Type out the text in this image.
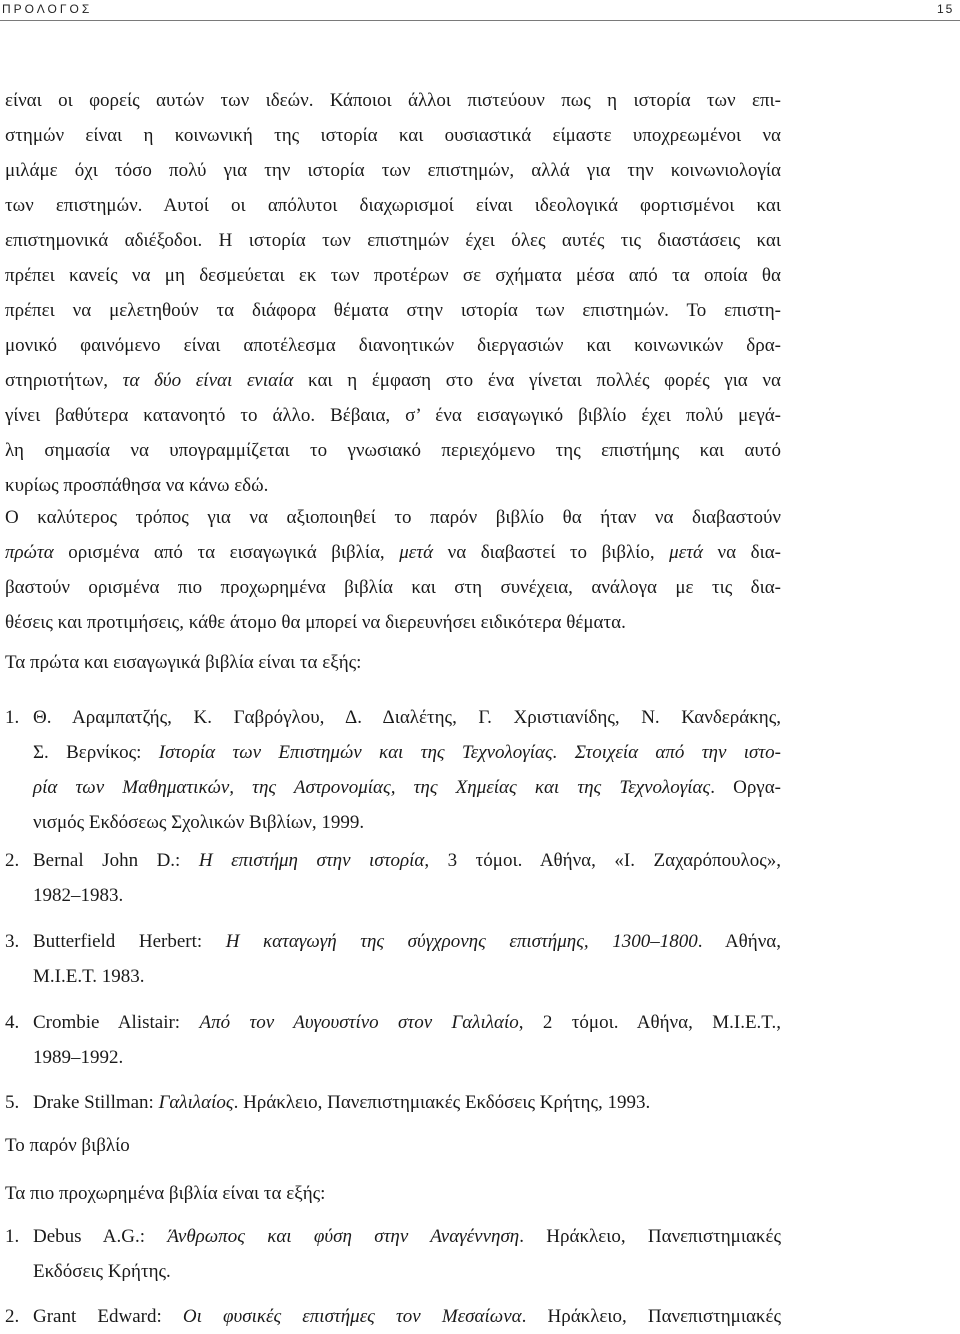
ΠΡΟΛΟΓΟΣ	15
είναι οι φορείς αυτών των ιδεών. Κάποιοι άλλοι πιστεύουν πως η ιστορία των επι-
στημών είναι η κοινωνική της ιστορία και ουσιαστικά είμαστε υποχρεωμένοι να
μιλάμε όχι τόσο πολύ για την ιστορία των επιστημών, αλλά για την κοινωνιολογία
των επιστημών. Αυτοί οι απόλυτοι διαχωρισμοί είναι ιδεολογικά φορτισμένοι και
επιστημονικά αδιέξοδοι. Η ιστορία των επιστημών έχει όλες αυτές τις διαστάσεις και
πρέπει κανείς να μη δεσμεύεται εκ των προτέρων σε σχήματα μέσα από τα οποία θα
πρέπει να μελετηθούν τα διάφορα θέματα στην ιστορία των επιστημών. Το επιστη-
μονικό φαινόμενο είναι αποτέλεσμα διανοητικών διεργασιών και κοινωνικών δρα-
στηριοτήτων, τα δύο είναι ενιαία και η έμφαση στο ένα γίνεται πολλές φορές για να
γίνει βαθύτερα κατανοητό το άλλο. Βέβαια, σ’ ένα εισαγωγικό βιβλίο έχει πολύ μεγά-
λη σημασία να υπογραμμίζεται το γνωσιακό περιεχόμενο της επιστήμης και αυτό
κυρίως προσπάθησα να κάνω εδώ.
Ο καλύτερος τρόπος για να αξιοποιηθεί το παρόν βιβλίο θα ήταν να διαβαστούν
πρώτα ορισμένα από τα εισαγωγικά βιβλία, μετά να διαβαστεί το βιβλίο, μετά να δια-
βαστούν ορισμένα πιο προχωρημένα βιβλία και στη συνέχεια, ανάλογα με τις δια-
θέσεις και προτιμήσεις, κάθε άτομο θα μπορεί να διερευνήσει ειδικότερα θέματα.
Τα πρώτα και εισαγωγικά βιβλία είναι τα εξής:
1. Θ. Αραμπατζής, Κ. Γαβρόγλου, Δ. Διαλέτης, Γ. Χριστιανίδης, Ν. Κανδεράκης,
Σ. Βερνίκος: Ιστορία των Επιστημών και της Τεχνολογίας. Στοιχεία από την ιστο-
ρία των Μαθηματικών, της Αστρονομίας, της Χημείας και της Τεχνολογίας. Οργα-
νισμός Εκδόσεως Σχολικών Βιβλίων, 1999.
2. Bernal John D.: Η επιστήμη στην ιστορία, 3 τόμοι. Αθήνα, «Ι. Ζαχαρόπουλος»,
1982–1983.
3. Butterfield Herbert: Η καταγωγή της σύγχρονης επιστήμης, 1300–1800. Αθήνα,
Μ.Ι.Ε.Τ. 1983.
4. Crombie Alistair: Από τον Αυγουστίνο στον Γαλιλαίο, 2 τόμοι. Αθήνα, Μ.Ι.Ε.Τ.,
1989–1992.
5. Drake Stillman: Γαλιλαίος. Ηράκλειο, Πανεπιστημιακές Εκδόσεις Κρήτης, 1993.
Το παρόν βιβλίο
Τα πιο προχωρημένα βιβλία είναι τα εξής:
1. Debus A.G.: Άνθρωπος και φύση στην Αναγέννηση. Ηράκλειο, Πανεπιστημιακές
Εκδόσεις Κρήτης.
2. Grant Edward: Οι φυσικές επιστήμες τον Μεσαίωνα. Ηράκλειο, Πανεπιστημιακές
